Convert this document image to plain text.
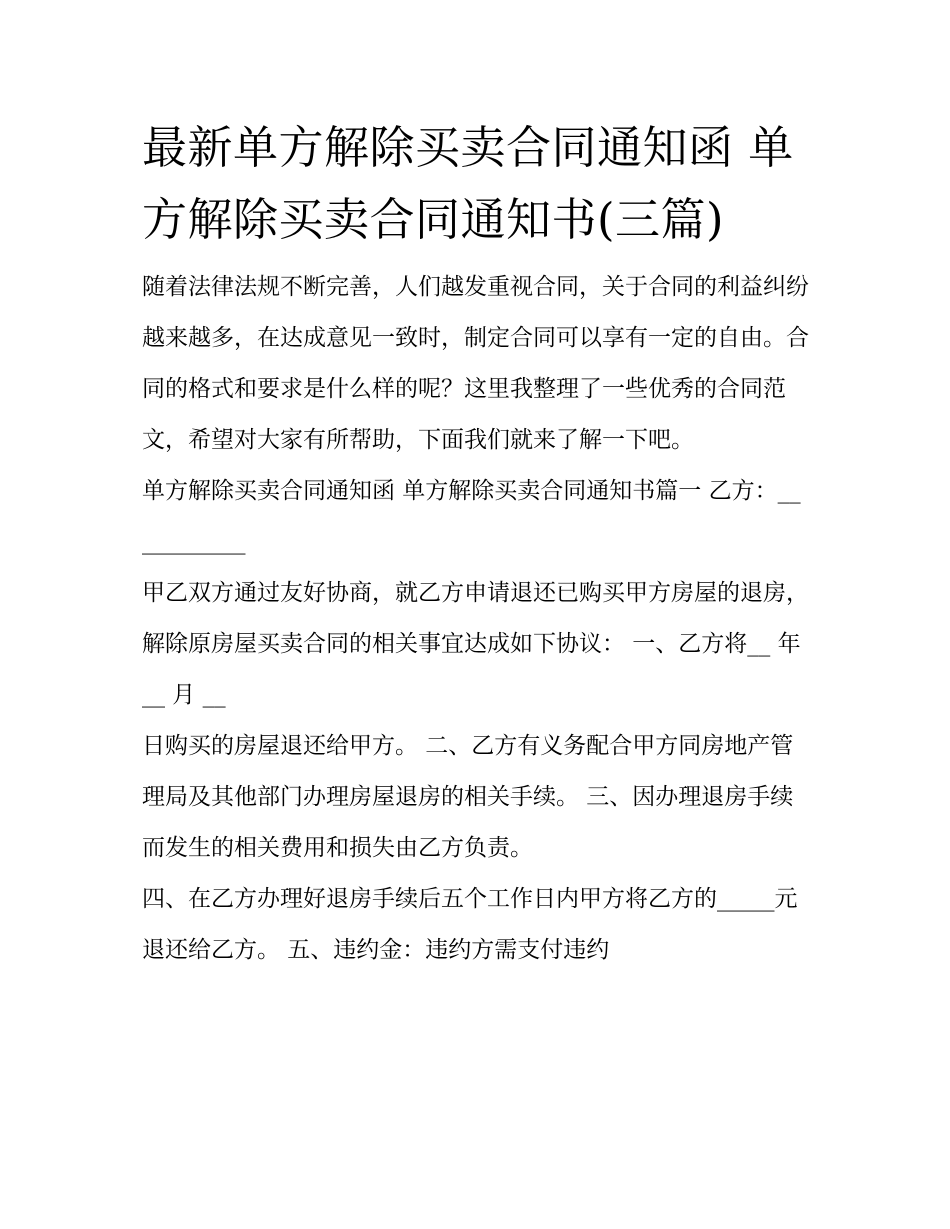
最新单方解除买卖合同通知函 单方解除买卖合同通知书(三篇)

随着法律法规不断完善，人们越发重视合同，关于合同的利益纠纷越来越多，在达成意见一致时，制定合同可以享有一定的自由。合同的格式和要求是什么样的呢？这里我整理了一些优秀的合同范文，希望对大家有所帮助，下面我们就来了解一下吧。

单方解除买卖合同通知函 单方解除买卖合同通知书篇一 乙方：___________

甲乙双方通过友好协商，就乙方申请退还已购买甲方房屋的退房，解除原房屋买卖合同的相关事宜达成如下协议： 一、乙方将__ 年 __ 月 __

日购买的房屋退还给甲方。 二、乙方有义务配合甲方同房地产管理局及其他部门办理房屋退房的相关手续。 三、因办理退房手续而发生的相关费用和损失由乙方负责。

四、在乙方办理好退房手续后五个工作日内甲方将乙方的_____元退还给乙方。 五、违约金：违约方需支付违约
